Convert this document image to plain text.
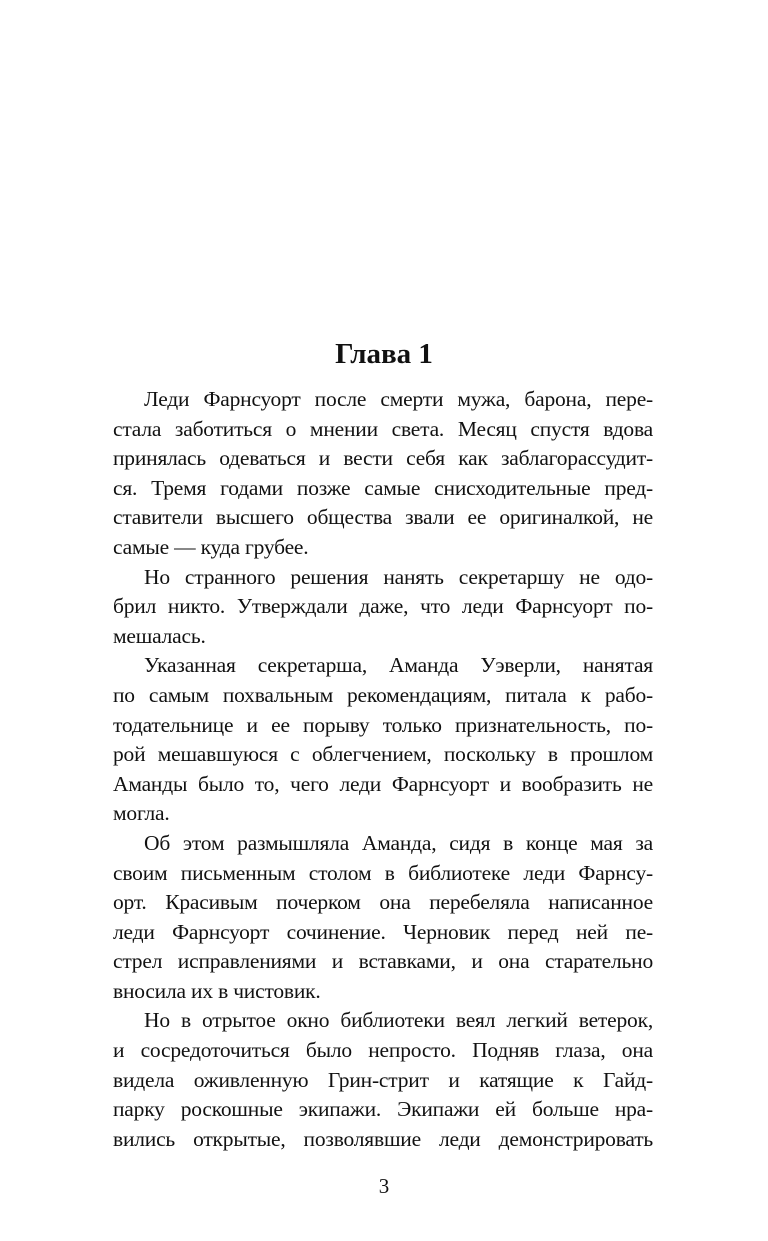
Глава 1
Леди Фарнсуорт после смерти мужа, барона, пере-
стала заботиться о мнении света. Месяц спустя вдова
принялась одеваться и вести себя как заблагорассудит-
ся. Тремя годами позже самые снисходительные пред-
ставители высшего общества звали ее оригиналкой, не
самые — куда грубее.
Но странного решения нанять секретаршу не одо-
брил никто. Утверждали даже, что леди Фарнсуорт по-
мешалась.
Указанная секретарша, Аманда Уэверли, нанятая
по самым похвальным рекомендациям, питала к рабо-
тодательнице и ее порыву только признательность, по-
рой мешавшуюся с облегчением, поскольку в прошлом
Аманды было то, чего леди Фарнсуорт и вообразить не
могла.
Об этом размышляла Аманда, сидя в конце мая за
своим письменным столом в библиотеке леди Фарнсу-
орт. Красивым почерком она перебеляла написанное
леди Фарнсуорт сочинение. Черновик перед ней пе-
стрел исправлениями и вставками, и она старательно
вносила их в чистовик.
Но в отрытое окно библиотеки веял легкий ветерок,
и сосредоточиться было непросто. Подняв глаза, она
видела оживленную Грин-стрит и катящие к Гайд-
парку роскошные экипажи. Экипажи ей больше нра-
вились открытые, позволявшие леди демонстрировать
3
